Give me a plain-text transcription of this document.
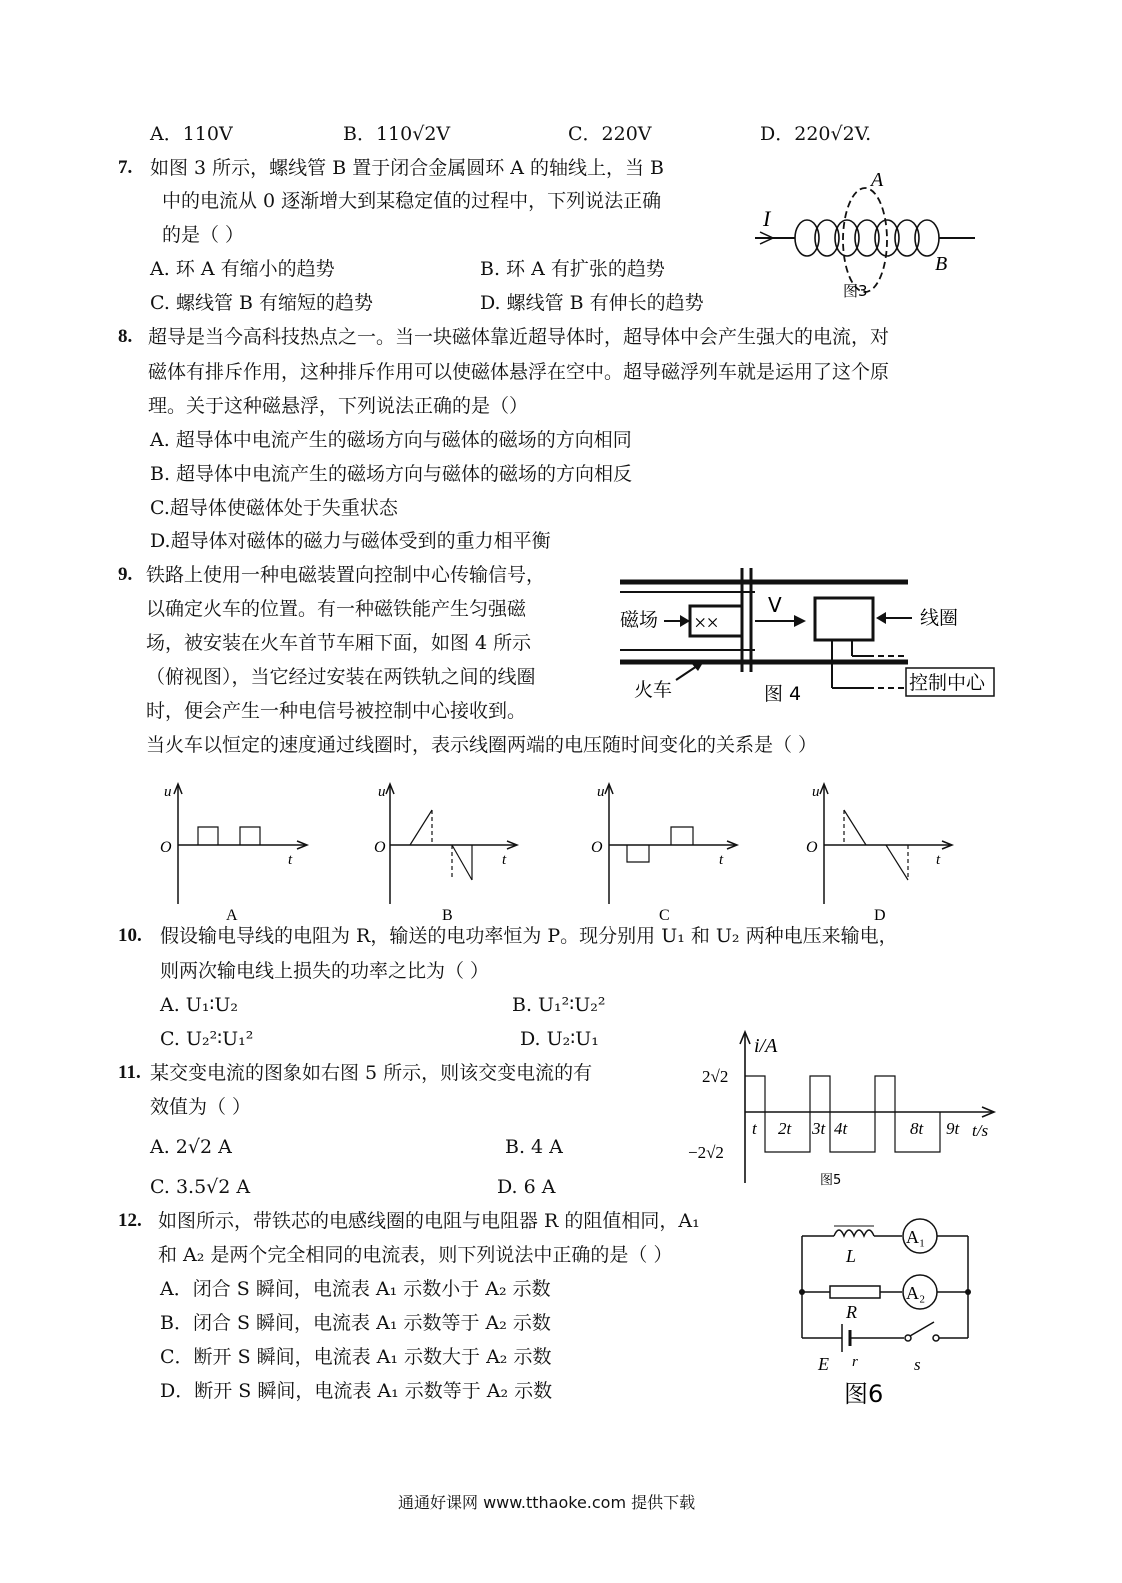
A．110V	B．110√2V	C．220V	D．220√2V.
7. 如图 3 所示，螺线管 B 置于闭合金属圆环 A 的轴线上，当 B
中的电流从 0 逐渐增大到某稳定值的过程中，下列说法正确
的是（ ）
A. 环 A 有缩小的趋势	B. 环 A 有扩张的趋势
C. 螺线管 B 有缩短的趋势	D. 螺线管 B 有伸长的趋势
I
A
B
图3
8. 超导是当今高科技热点之一。当一块磁体靠近超导体时，超导体中会产生强大的电流，对
磁体有排斥作用，这种排斥作用可以使磁体悬浮在空中。超导磁浮列车就是运用了这个原
理。关于这种磁悬浮，下列说法正确的是（）
A. 超导体中电流产生的磁场方向与磁体的磁场的方向相同
B. 超导体中电流产生的磁场方向与磁体的磁场的方向相反
C.超导体使磁体处于失重状态
D.超导体对磁体的磁力与磁体受到的重力相平衡
9. 铁路上使用一种电磁装置向控制中心传输信号，
以确定火车的位置。有一种磁铁能产生匀强磁
场，被安装在火车首节车厢下面，如图 4 所示
（俯视图），当它经过安装在两铁轨之间的线圈
时，便会产生一种电信号被控制中心接收到。
当火车以恒定的速度通过线圈时，表示线圈两端的电压随时间变化的关系是（ ）
××
V
控制中心
磁场	线圈
火车	图 4
u
O
t
A
u
O
t
B
u
O
t
C
u
O
t
D
10. 假设输电导线的电阻为 R，输送的电功率恒为 P。现分别用 U₁ 和 U₂ 两种电压来输电，
则两次输电线上损失的功率之比为（ ）
A. U₁∶U₂	B. U₁²∶U₂²
C. U₂²∶U₁²	D. U₂∶U₁
11. 某交变电流的图象如右图 5 所示，则该交变电流的有
效值为（ ）
A. 2√2 A	B. 4 A
C. 3.5√2 A	D. 6 A
i/A
2√2
−2√2
t 2t 3t 4t	8t 9t t/s
图5
12. 如图所示，带铁芯的电感线圈的电阻与电阻器 R 的阻值相同，A₁
和 A₂ 是两个完全相同的电流表，则下列说法中正确的是（ ）
A．闭合 S 瞬间，电流表 A₁ 示数小于 A₂ 示数
B．闭合 S 瞬间，电流表 A₁ 示数等于 A₂ 示数
C．断开 S 瞬间，电流表 A₁ 示数大于 A₂ 示数
D．断开 S 瞬间，电流表 A₁ 示数等于 A₂ 示数
L
A₁
R
A₂
E r	s
图6
通通好课网 www.tthaoke.com 提供下载
